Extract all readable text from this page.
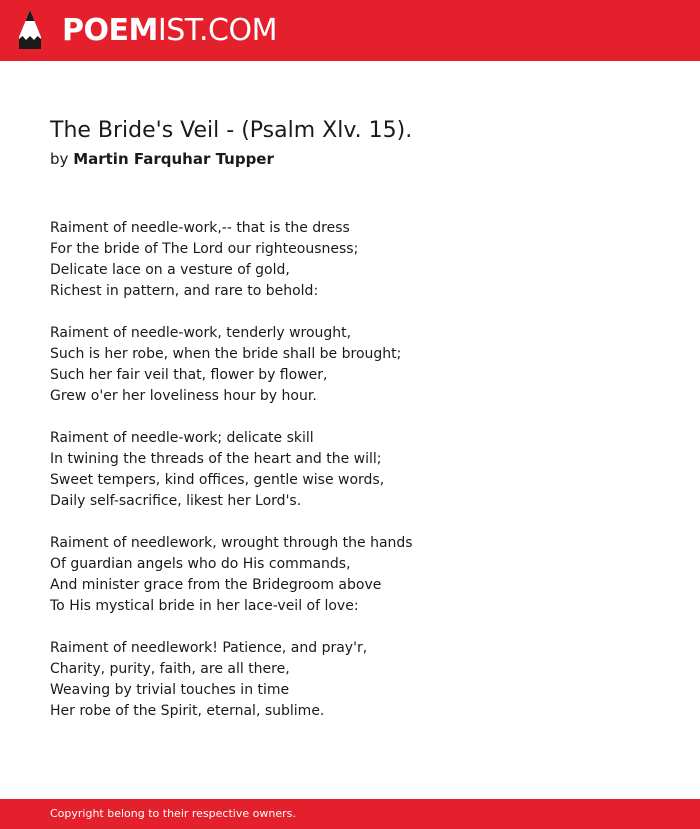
POEMIST.COM
The Bride's Veil - (Psalm Xlv. 15).
by Martin Farquhar Tupper
Raiment of needle-work,-- that is the dress
For the bride of The Lord our righteousness;
Delicate lace on a vesture of gold,
Richest in pattern, and rare to behold:
Raiment of needle-work, tenderly wrought,
Such is her robe, when the bride shall be brought;
Such her fair veil that, flower by flower,
Grew o'er her loveliness hour by hour.
Raiment of needle-work; delicate skill
In twining the threads of the heart and the will;
Sweet tempers, kind offices, gentle wise words,
Daily self-sacrifice, likest her Lord's.
Raiment of needlework, wrought through the hands
Of guardian angels who do His commands,
And minister grace from the Bridegroom above
To His mystical bride in her lace-veil of love:
Raiment of needlework! Patience, and pray'r,
Charity, purity, faith, are all there,
Weaving by trivial touches in time
Her robe of the Spirit, eternal, sublime.
Copyright belong to their respective owners.
